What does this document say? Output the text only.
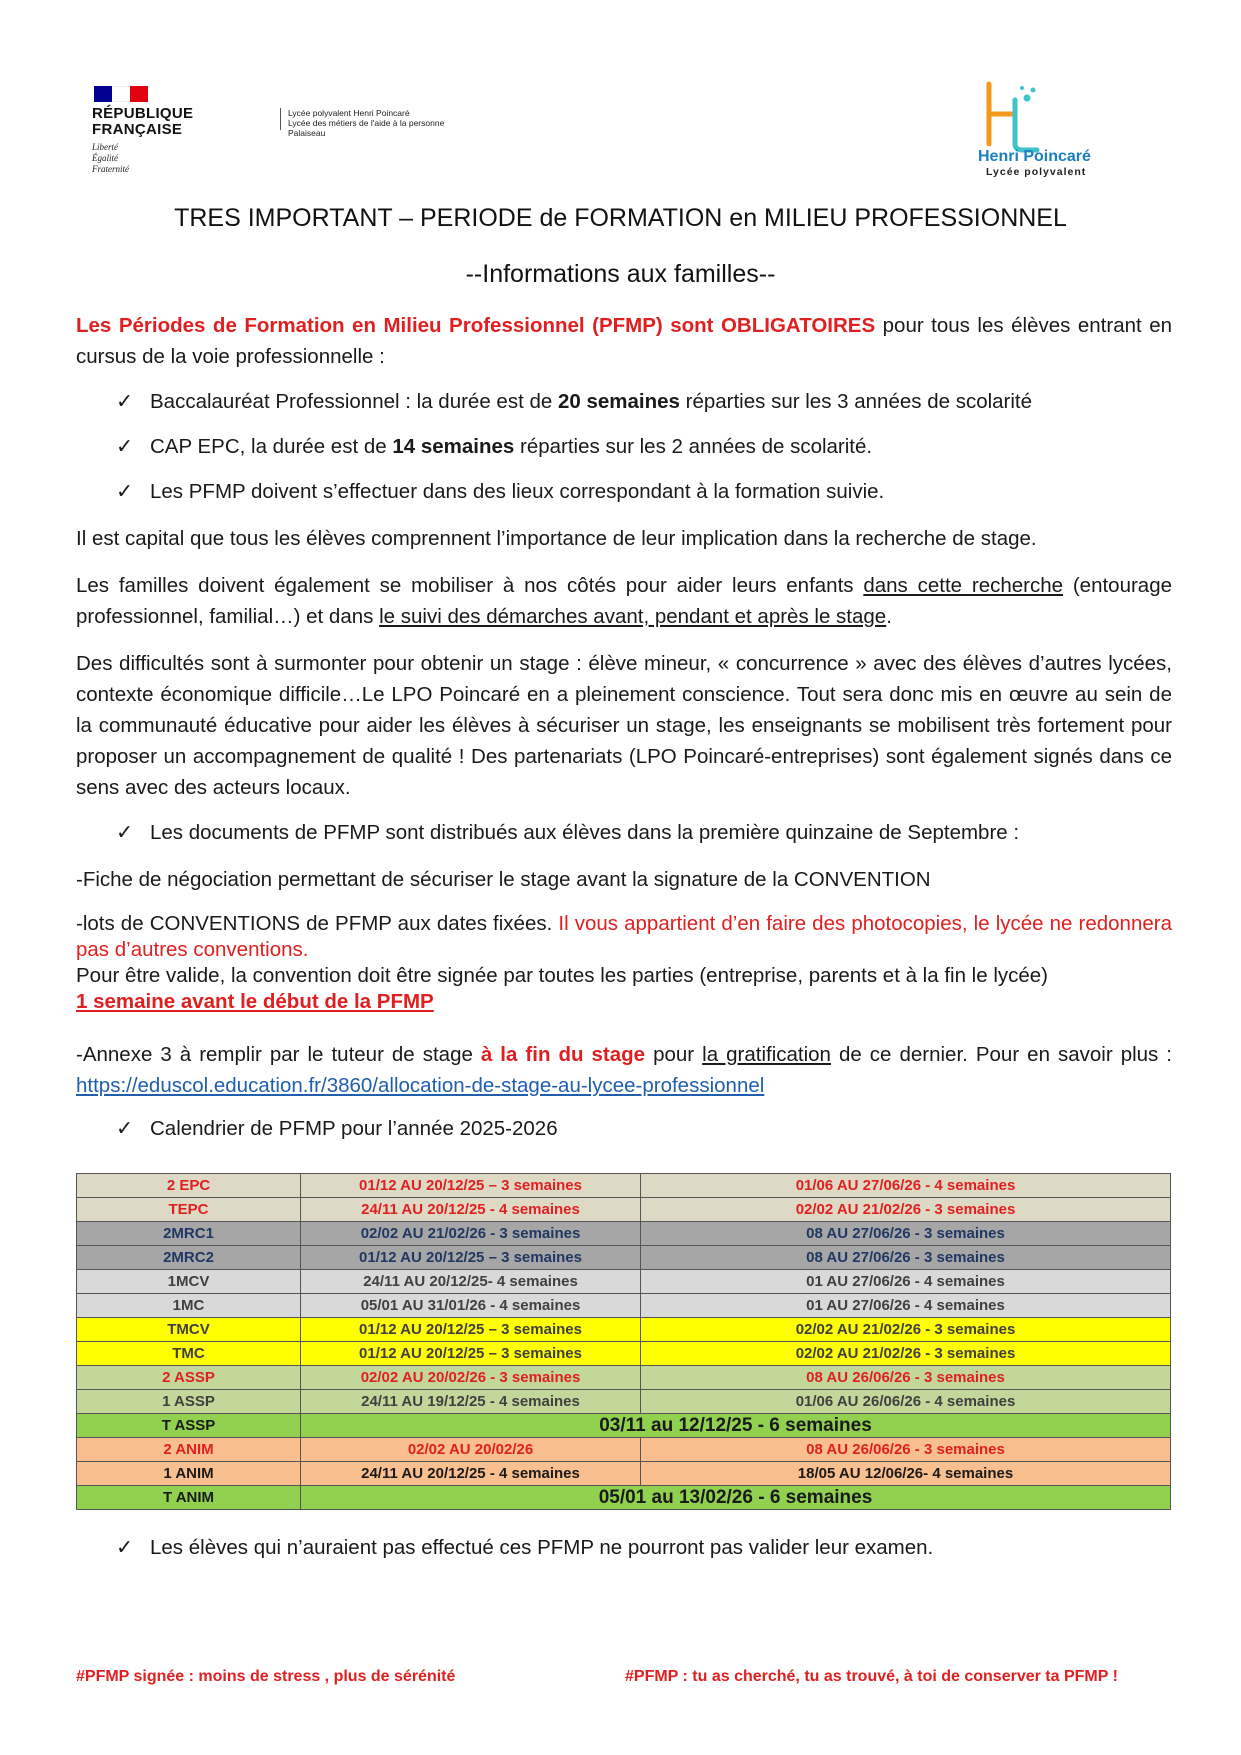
RÉPUBLIQUE
FRANÇAISE
Liberté
Égalité
Fraternité
Lycée polyvalent Henri Poincaré
Lycée des métiers de l'aide à la personne
Palaiseau
Henri Poincaré
Lycée polyvalent
TRES IMPORTANT – PERIODE de FORMATION en MILIEU PROFESSIONNEL
--Informations aux familles--
Les Périodes de Formation en Milieu Professionnel (PFMP) sont OBLIGATOIRES pour tous les élèves entrant en cursus de la voie professionnelle :
✓ Baccalauréat Professionnel : la durée est de 20 semaines réparties sur les 3 années de scolarité
✓ CAP EPC, la durée est de 14 semaines réparties sur les 2 années de scolarité.
✓ Les PFMP doivent s’effectuer dans des lieux correspondant à la formation suivie.
Il est capital que tous les élèves comprennent l’importance de leur implication dans la recherche de stage.
Les familles doivent également se mobiliser à nos côtés pour aider leurs enfants dans cette recherche (entourage professionnel, familial…) et dans le suivi des démarches avant, pendant et après le stage.
Des difficultés sont à surmonter pour obtenir un stage : élève mineur, « concurrence » avec des élèves d’autres lycées, contexte économique difficile…Le LPO Poincaré en a pleinement conscience. Tout sera donc mis en œuvre au sein de la communauté éducative pour aider les élèves à sécuriser un stage, les enseignants se mobilisent très fortement pour proposer un accompagnement de qualité ! Des partenariats (LPO Poincaré-entreprises) sont également signés dans ce sens avec des acteurs locaux.
✓ Les documents de PFMP sont distribués aux élèves dans la première quinzaine de Septembre :
-Fiche de négociation permettant de sécuriser le stage avant la signature de la CONVENTION
-lots de CONVENTIONS de PFMP aux dates fixées. Il vous appartient d’en faire des photocopies, le lycée ne redonnera pas d’autres conventions.
Pour être valide, la convention doit être signée par toutes les parties (entreprise, parents et à la fin le lycée)
1 semaine avant le début de la PFMP
-Annexe 3 à remplir par le tuteur de stage à la fin du stage pour la gratification de ce dernier. Pour en savoir plus : https://eduscol.education.fr/3860/allocation-de-stage-au-lycee-professionnel
✓ Calendrier de PFMP pour l’année 2025-2026
2 EPC	01/12 AU 20/12/25 – 3 semaines	01/06 AU 27/06/26 - 4 semaines
TEPC	24/11 AU 20/12/25 - 4 semaines	02/02 AU 21/02/26 - 3 semaines
2MRC1	02/02 AU 21/02/26 - 3 semaines	08 AU 27/06/26 - 3 semaines
2MRC2	01/12 AU 20/12/25 – 3 semaines	08 AU 27/06/26 - 3 semaines
1MCV	24/11 AU 20/12/25- 4 semaines	01 AU 27/06/26 - 4 semaines
1MC	05/01 AU 31/01/26 - 4 semaines	01 AU 27/06/26 - 4 semaines
TMCV	01/12 AU 20/12/25 – 3 semaines	02/02 AU 21/02/26 - 3 semaines
TMC	01/12 AU 20/12/25 – 3 semaines	02/02 AU 21/02/26 - 3 semaines
2 ASSP	02/02 AU 20/02/26 - 3 semaines	08 AU 26/06/26 - 3 semaines
1 ASSP	24/11 AU 19/12/25 - 4 semaines	01/06 AU 26/06/26 - 4 semaines
T ASSP	03/11 au 12/12/25 - 6 semaines	
2 ANIM	02/02 AU 20/02/26	08 AU 26/06/26 - 3 semaines
1 ANIM	24/11 AU 20/12/25 - 4 semaines	18/05 AU 12/06/26- 4 semaines
T ANIM	05/01 au 13/02/26 - 6 semaines	
✓ Les élèves qui n’auraient pas effectué ces PFMP ne pourront pas valider leur examen.
#PFMP signée : moins de stress , plus de sérénité	#PFMP : tu as cherché, tu as trouvé, à toi de conserver ta PFMP !
